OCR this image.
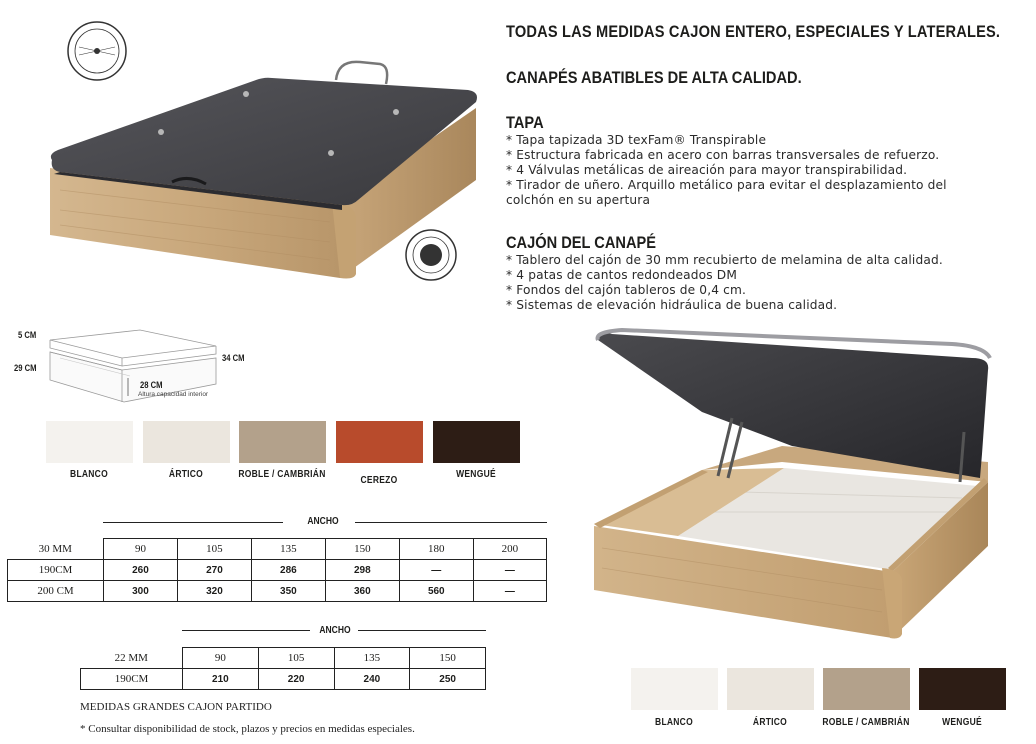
5 CM
29 CM
34 CM
28 CM
Altura capacidad interior
TODAS LAS MEDIDAS CAJON ENTERO, ESPECIALES Y LATERALES.
CANAPÉS ABATIBLES DE ALTA CALIDAD.
TAPA
* Tapa tapizada 3D texFam® Transpirable
* Estructura fabricada en acero con barras transversales de refuerzo.
* 4 Válvulas metálicas de aireación para mayor transpirabilidad.
* Tirador de uñero. Arquillo metálico para evitar el desplazamiento del
colchón en su apertura
CAJÓN DEL CANAPÉ
* Tablero del cajón de 30 mm recubierto de melamina de alta calidad.
* 4 patas de cantos redondeados DM
* Fondos del cajón tableros de 0,4 cm.
* Sistemas de elevación hidráulica de buena calidad.
BLANCO	ÁRTICO	ROBLE / CAMBRIÁN
CEREZO
WENGUÉ
ANCHO
30 MM	90	105	135	150	180	200
190CM	260	270	286	298	—	—
200 CM	300	320	350	360	560	—
ANCHO
22 MM	90	105	135	150
190CM	210	220	240	250
MEDIDAS GRANDES CAJON PARTIDO
* Consultar disponibilidad de stock, plazos y precios en medidas especiales.
BLANCO	ÁRTICO	ROBLE / CAMBRIÁN	WENGUÉ
